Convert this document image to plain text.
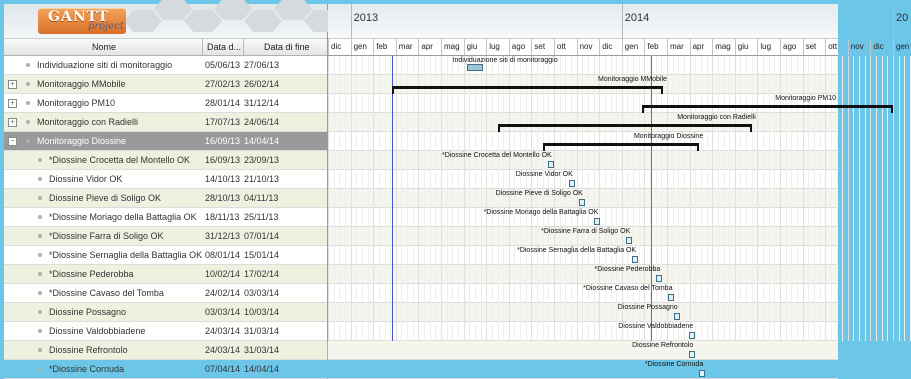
GANTT
project
Nome	Data d...	Data di fine
Individuazione siti di monitoraggio	05/06/13 27/06/13
+ Monitoraggio MMobile	27/02/13 26/02/14
+ Monitoraggio PM10	28/01/14 31/12/14
+ Monitoraggio con Radielli	17/07/13 24/06/14
− Monitoraggio Diossine	16/09/13 14/04/14
*Diossine Crocetta del Montello OK 16/09/13 23/09/13
Diossine Vidor OK	14/10/13 21/10/13
Diossine Pieve di Soligo OK	28/10/13 04/11/13
*Diossine Moriago della Battaglia OK 18/11/13 25/11/13
*Diossine Farra di Soligo OK	31/12/13 07/01/14
*Diossine Sernaglia della Battaglia OK 08/01/14 15/01/14
*Diossine Pederobba	10/02/14 17/02/14
*Diossine Cavaso del Tomba	24/02/14 03/03/14
Diossine Possagno	03/03/14 10/03/14
Diossine Valdobbiadene	24/03/14 31/03/14
Diossine Refrontolo	24/03/14 31/03/14
*Diossine Cornuda	07/04/14 14/04/14
2013	2014	20
dic gen feb mar apr mag giu lug ago set ott nov dic gen feb mar apr mag giu lug ago set ott nov dic gen
Individuazione siti di monitoraggio
Monitoraggio MMobile
Monitoraggio PM10
Monitoraggio con Radielli
Monitoraggio Diossine
*Diossine Crocetta del Montello OK
Diossine Vidor OK
Diossine Pieve di Soligo OK
*Diossine Moriago della Battaglia OK
*Diossine Farra di Soligo OK
*Diossine Sernaglia della Battaglia OK
*Diossine Pederobba
*Diossine Cavaso del Tomba
Diossine Possagno
Diossine Valdobbiadene
Diossine Refrontolo
*Diossine Cornuda
